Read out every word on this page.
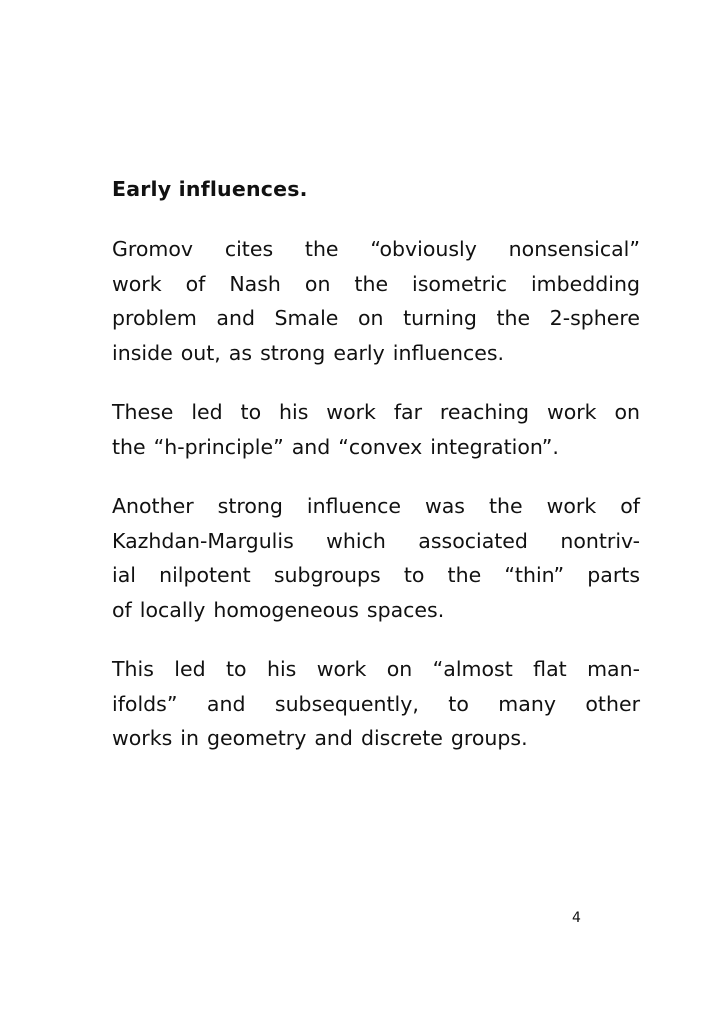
Early influences.
Gromov cites the “obviously nonsensical”
work of Nash on the isometric imbedding
problem and Smale on turning the 2-sphere
inside out, as strong early influences.
These led to his work far reaching work on
the “h-principle” and “convex integration”.
Another strong influence was the work of
Kazhdan-Margulis which associated nontriv-
ial nilpotent subgroups to the “thin” parts
of locally homogeneous spaces.
This led to his work on “almost flat man-
ifolds” and subsequently, to many other
works in geometry and discrete groups.
4
